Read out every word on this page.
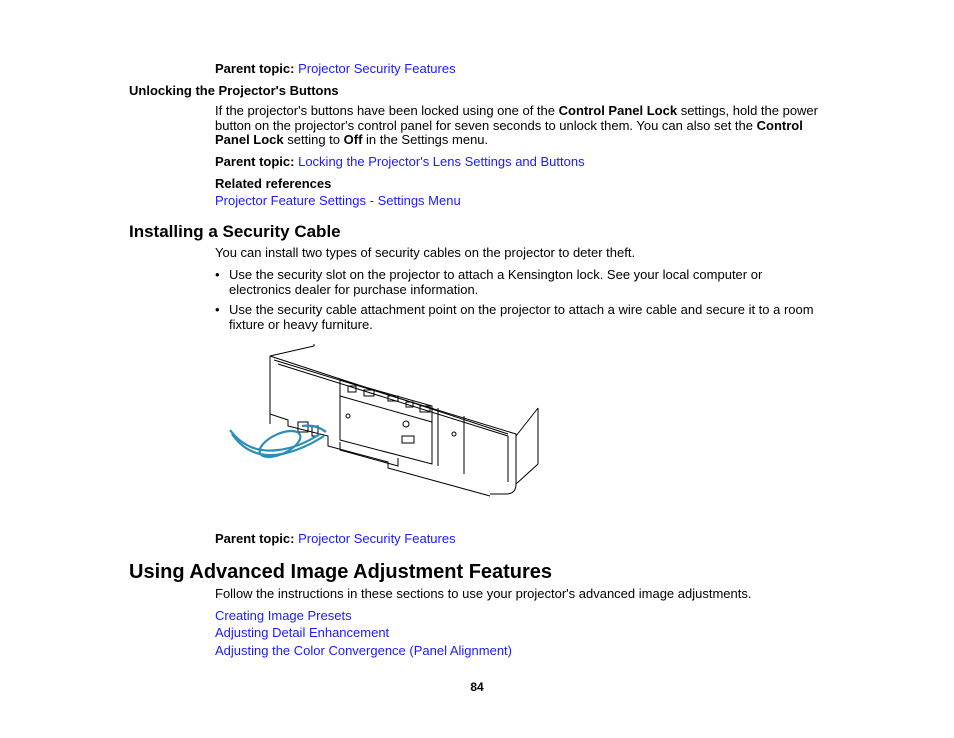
Parent topic: Projector Security Features
Unlocking the Projector's Buttons
If the projector's buttons have been locked using one of the Control Panel Lock settings, hold the power button on the projector's control panel for seven seconds to unlock them. You can also set the Control Panel Lock setting to Off in the Settings menu.
Parent topic: Locking the Projector's Lens Settings and Buttons
Related references
Projector Feature Settings - Settings Menu
Installing a Security Cable
You can install two types of security cables on the projector to deter theft.
• Use the security slot on the projector to attach a Kensington lock. See your local computer or electronics dealer for purchase information.
• Use the security cable attachment point on the projector to attach a wire cable and secure it to a room fixture or heavy furniture.
Parent topic: Projector Security Features
Using Advanced Image Adjustment Features
Follow the instructions in these sections to use your projector's advanced image adjustments.
Creating Image Presets
Adjusting Detail Enhancement
Adjusting the Color Convergence (Panel Alignment)
84
